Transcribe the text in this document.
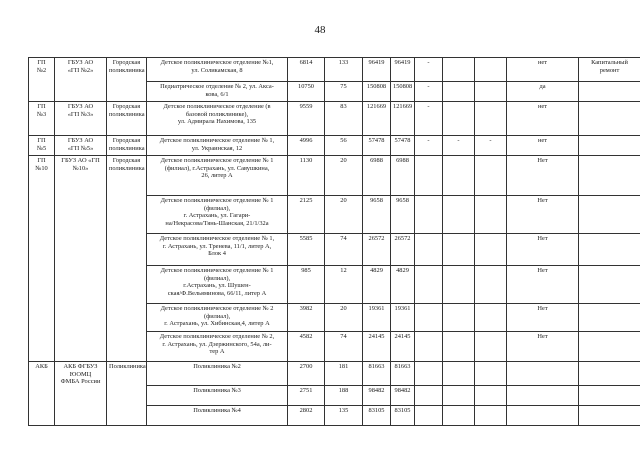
48
ГП
№2	ГБУЗ АО
«ГП №2»	Городская
поликлиника	Детское поликлиническое отделение №1,
ул. Соликамская, 8	6814	133	96419	96419	-			нет	Капитальный
ремонт

			Педиатрическое отделение № 2, ул. Акса-
кова, 6/1	10750	75	150808	150808	-			да	

ГП
№3	ГБУЗ АО
«ГП №3»	Городская
поликлиника	Детское поликлиническое отделение (в
базовой поликлинике),
ул. Адмирала Нахимова, 135	9559	83	121669	121669	-			нет	

ГП
№5	ГБУЗ АО
«ГП №5»	Городская
поликлиника	Детское поликлиническое отделение № 1,
ул. Украинская, 12	4996	56	57478	57478	-	-	-	нет	

ГП
№10	ГБУЗ АО «ГП
№10»	Городская
поликлиника	Детское поликлиническое отделение № 1
(филиал), г.Астрахань, ул. Савушкина,
26, литер А	1130	20	6988	6988				Нет	

			Детское поликлиническое отделение № 1
(филиал),
г. Астрахань, ул. Гагари-
на/Некрасова/Тянь-Шанская, 21/1/32а	2125	20	9658	9658				Нет	

			Детское поликлиническое отделение № 1,
г. Астрахань, ул. Тренева, 11/1, литер А,
Блок 4	5585	74	26572	26572				Нет	

			Детское поликлиническое отделение № 1
(филиал),
г.Астрахань, ул. Шушен-
ская/Ф.Вельяминова, 66/11, литер А	985	12	4829	4829				Нет	

			Детское поликлиническое отделение № 2
(филиал),
г. Астрахань, ул. Хибинская,4, литер А	3982	20	19361	19361				Нет	

			Детское поликлиническое отделение № 2,
г. Астрахань, ул. Дзержинского, 54а, ли-
тер А	4582	74	24145	24145				Нет	

АКБ	АКБ ФГБУЗ
ЮОМЦ
ФМБА России	Поликлиника	Поликлиника №2	2700	181	81663	81663					

			Поликлиника №3	2751	188	98482	98482					

			Поликлиника №4	2802	135	83105	83105					
